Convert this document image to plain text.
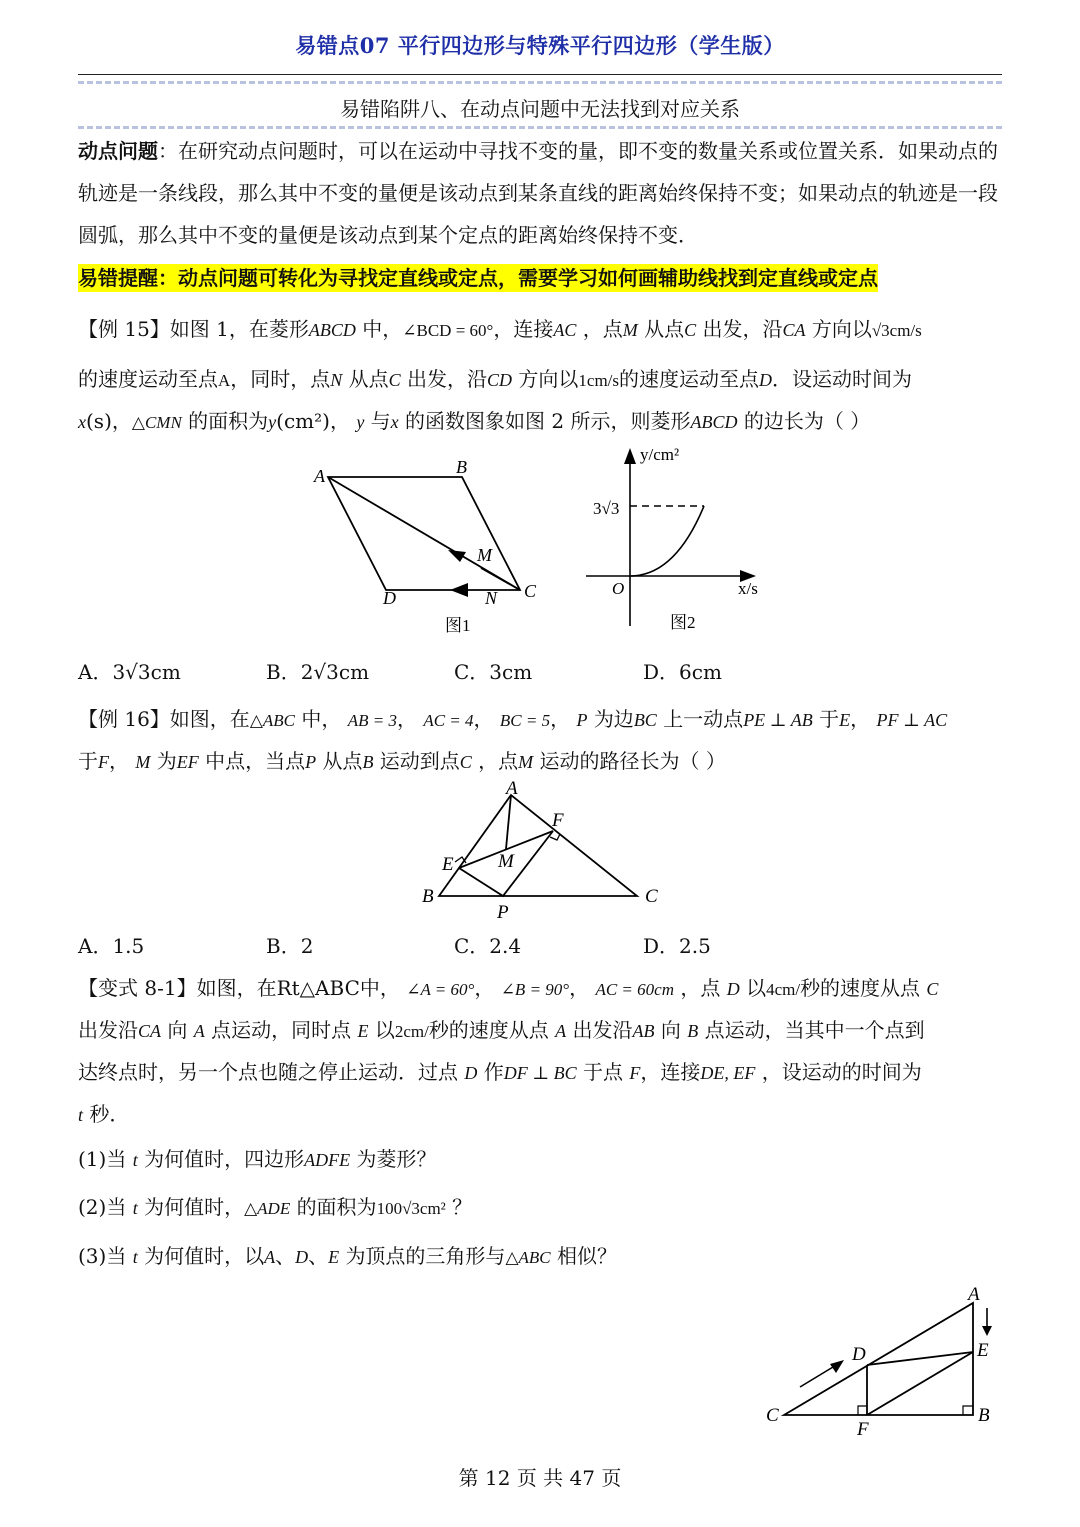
易错点07 平行四边形与特殊平行四边形（学生版）
易错陷阱八、在动点问题中无法找到对应关系
动点问题：在研究动点问题时，可以在运动中寻找不变的量，即不变的数量关系或位置关系．如果动点的轨迹是一条线段，那么其中不变的量便是该动点到某条直线的距离始终保持不变；如果动点的轨迹是一段圆弧，那么其中不变的量便是该动点到某个定点的距离始终保持不变．
易错提醒：动点问题可转化为寻找定直线或定点，需要学习如何画辅助线找到定直线或定点
【例 15】如图 1，在菱形ABCD 中，∠BCD = 60°，连接AC ，点M 从点C 出发，沿CA 方向以√3cm/s
的速度运动至点A，同时，点N 从点C 出发，沿CD 方向以1cm/s的速度运动至点D．设运动时间为
x(s)，△CMN 的面积为y(cm²)， y 与x 的函数图象如图 2 所示，则菱形ABCD 的边长为（ ）
A	B
C
D
M
N
图1
y/cm²
x/s
O
3√3
图2
A．3√3cm	B．2√3cm	C．3cm	D．6cm
【例 16】如图，在△ABC 中， AB = 3， AC = 4， BC = 5， P 为边BC 上一动点PE ⊥ AB 于E， PF ⊥ AC
于F， M 为EF 中点，当点P 从点B 运动到点C ，点M 运动的路径长为（ ）
A
B	C
E
F
M
P
A．1.5	B．2	C．2.4	D．2.5
【变式 8-1】如图，在Rt△ABC中， ∠A = 60°， ∠B = 90°， AC = 60cm ，点 D 以4cm/秒的速度从点 C
出发沿CA 向 A 点运动，同时点 E 以2cm/秒的速度从点 A 出发沿AB 向 B 点运动，当其中一个点到
达终点时，另一个点也随之停止运动．过点 D 作DF ⊥ BC 于点 F，连接DE, EF ，设运动的时间为
t 秒．
(1)当 t 为何值时，四边形ADFE 为菱形？
(2)当 t 为何值时，△ADE 的面积为100√3cm² ？
(3)当 t 为何值时，以A、D、E 为顶点的三角形与△ABC 相似？
A
B
C
D	E
F
第 12 页 共 47 页
